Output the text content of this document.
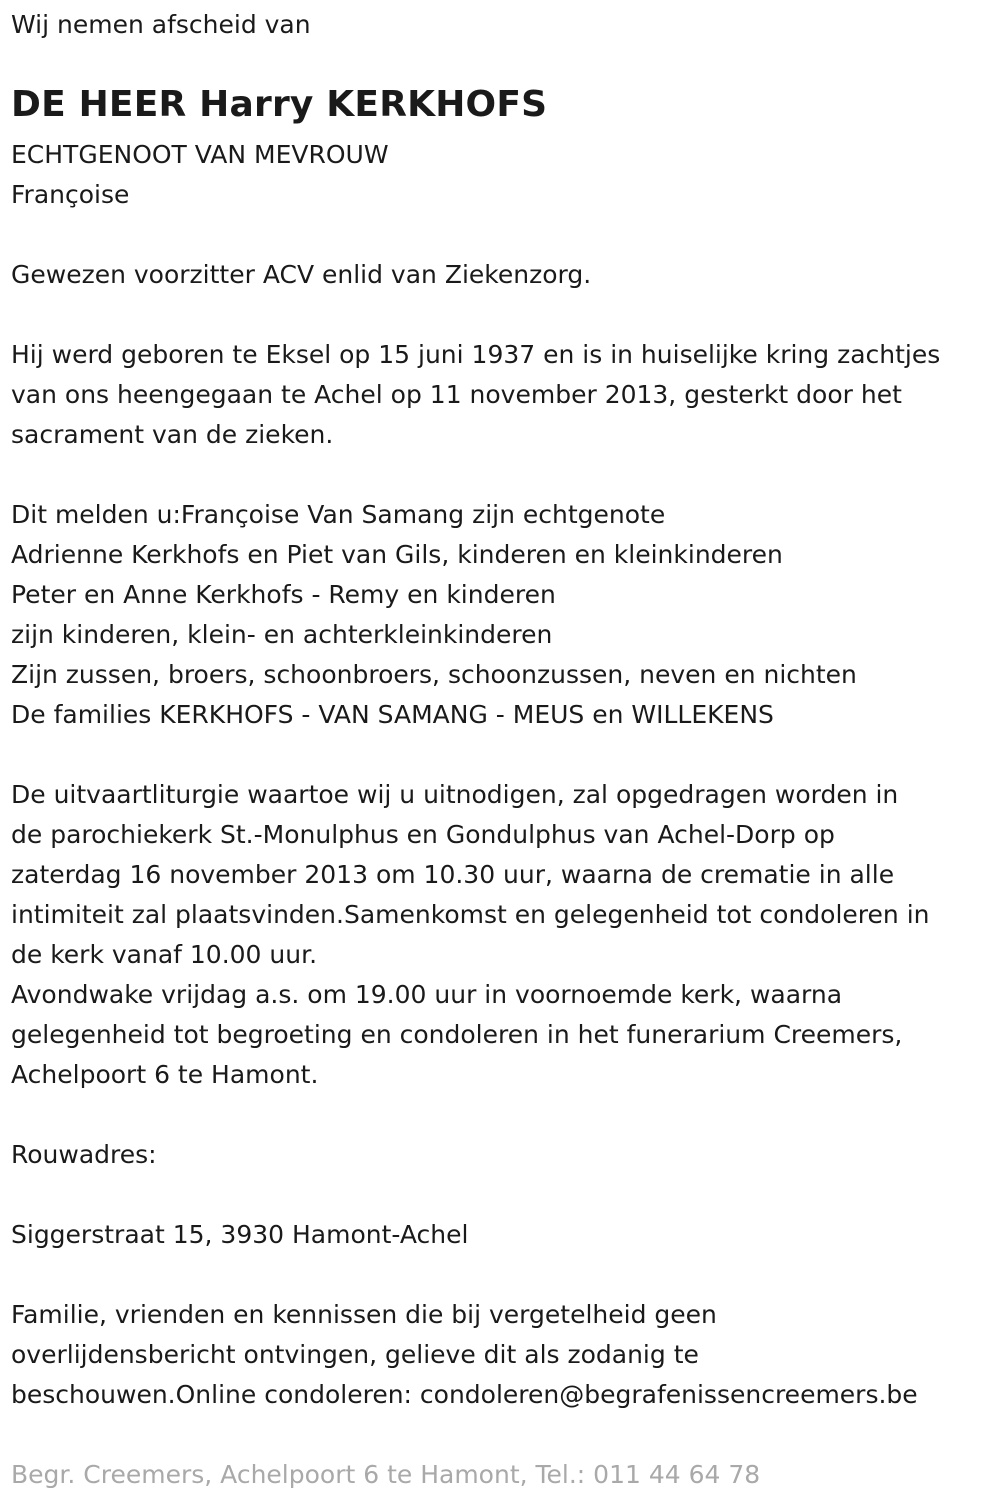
Wij nemen afscheid van
DE HEER Harry KERKHOFS
ECHTGENOOT VAN MEVROUW
Françoise
Gewezen voorzitter ACV enlid van Ziekenzorg.
Hij werd geboren te Eksel op 15 juni 1937 en is in huiselijke kring zachtjes
van ons heengegaan te Achel op 11 november 2013, gesterkt door het
sacrament van de zieken.
Dit melden u:Françoise Van Samang zijn echtgenote
Adrienne Kerkhofs en Piet van Gils, kinderen en kleinkinderen
Peter en Anne Kerkhofs - Remy en kinderen
zijn kinderen, klein- en achterkleinkinderen
Zijn zussen, broers, schoonbroers, schoonzussen, neven en nichten
De families KERKHOFS - VAN SAMANG - MEUS en WILLEKENS
De uitvaartliturgie waartoe wij u uitnodigen, zal opgedragen worden in
de parochiekerk St.-Monulphus en Gondulphus van Achel-Dorp op
zaterdag 16 november 2013 om 10.30 uur, waarna de crematie in alle
intimiteit zal plaatsvinden.Samenkomst en gelegenheid tot condoleren in
de kerk vanaf 10.00 uur.
Avondwake vrijdag a.s. om 19.00 uur in voornoemde kerk, waarna
gelegenheid tot begroeting en condoleren in het funerarium Creemers,
Achelpoort 6 te Hamont.
Rouwadres:
Siggerstraat 15, 3930 Hamont-Achel
Familie, vrienden en kennissen die bij vergetelheid geen
overlijdensbericht ontvingen, gelieve dit als zodanig te
beschouwen.Online condoleren: condoleren@begrafenissencreemers.be
Begr. Creemers, Achelpoort 6 te Hamont, Tel.: 011 44 64 78
